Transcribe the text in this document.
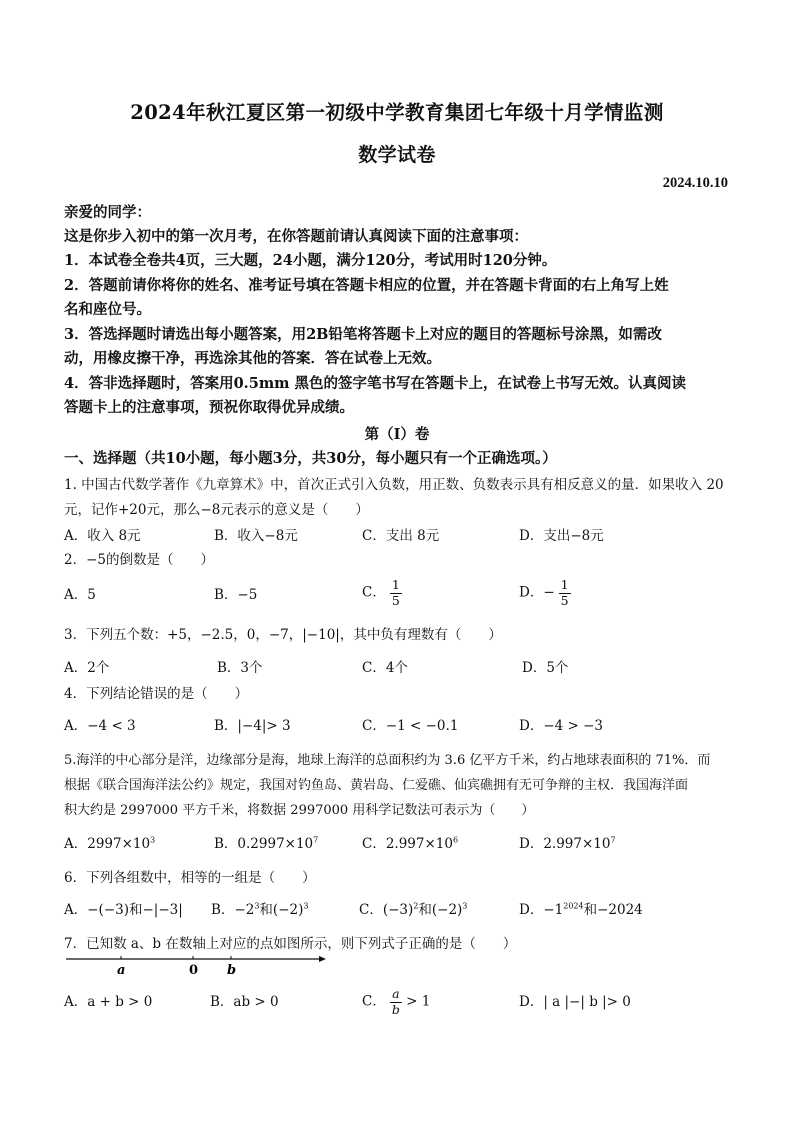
2024年秋江夏区第一初级中学教育集团七年级十月学情监测
数学试卷
2024.10.10
亲爱的同学：
这是你步入初中的第一次月考，在你答题前请认真阅读下面的注意事项：
1．本试卷全卷共4页，三大题，24小题，满分120分，考试用时120分钟。
2．答题前请你将你的姓名、准考证号填在答题卡相应的位置，并在答题卡背面的右上角写上姓
名和座位号。
3．答选择题时请选出每小题答案，用2B铅笔将答题卡上对应的题目的答题标号涂黑，如需改
动，用橡皮擦干净，再选涂其他的答案．答在试卷上无效。
4．答非选择题时，答案用0.5mm 黑色的签字笔书写在答题卡上，在试卷上书写无效。认真阅读
答题卡上的注意事项，预祝你取得优异成绩。
第（Ⅰ）卷
一、选择题（共10小题，每小题3分，共30分，每小题只有一个正确选项。）
1. 中国古代数学著作《九章算术》中，首次正式引入负数，用正数、负数表示具有相反意义的量．如果收入 20
元，记作+20元，那么−8元表示的意义是（　　）
A．收入 8元	B．收入−8元	C．支出 8元	D．支出−8元
2．−5的倒数是（　　）
A．5	B．−5	C． $\frac{1}{5}$	D．− $\frac{1}{5}$
3．下列五个数：+5，−2.5，0，−7，|−10|，其中负有理数有（　　）
A．2个	B．3个	C．4个	D．5个
4．下列结论错误的是（　　）
A．−4 < 3	B．|−4|> 3	C．−1 < −0.1	D．−4 > −3
5.海洋的中心部分是洋，边缘部分是海，地球上海洋的总面积约为 3.6 亿平方千米，约占地球表面积的 71%．而
根据《联合国海洋法公约》规定，我国对钓鱼岛、黄岩岛、仁爱礁、仙宾礁拥有无可争辩的主权．我国海洋面
积大约是 2997000 平方千米，将数据 2997000 用科学记数法可表示为（　　）
A．$2997\times 10^3$	B．$0.2997\times 10^7$	C．$2.997\times 10^6$	D．$2.997\times 10^7$
6．下列各组数中，相等的一组是（　　）
A．−(−3)和−|−3| B．$-2^3$和$(-2)^3$	C．$(-3)^2$和$(-2)^3$	D．$-1^{2024}$和−2024
7．已知数 a、b 在数轴上对应的点如图所示，则下列式子正确的是（　　）
a	0 b
A．a + b > 0	B．ab > 0	C． $\frac{a}{b} > 1$	D．| a |−| b |> 0
